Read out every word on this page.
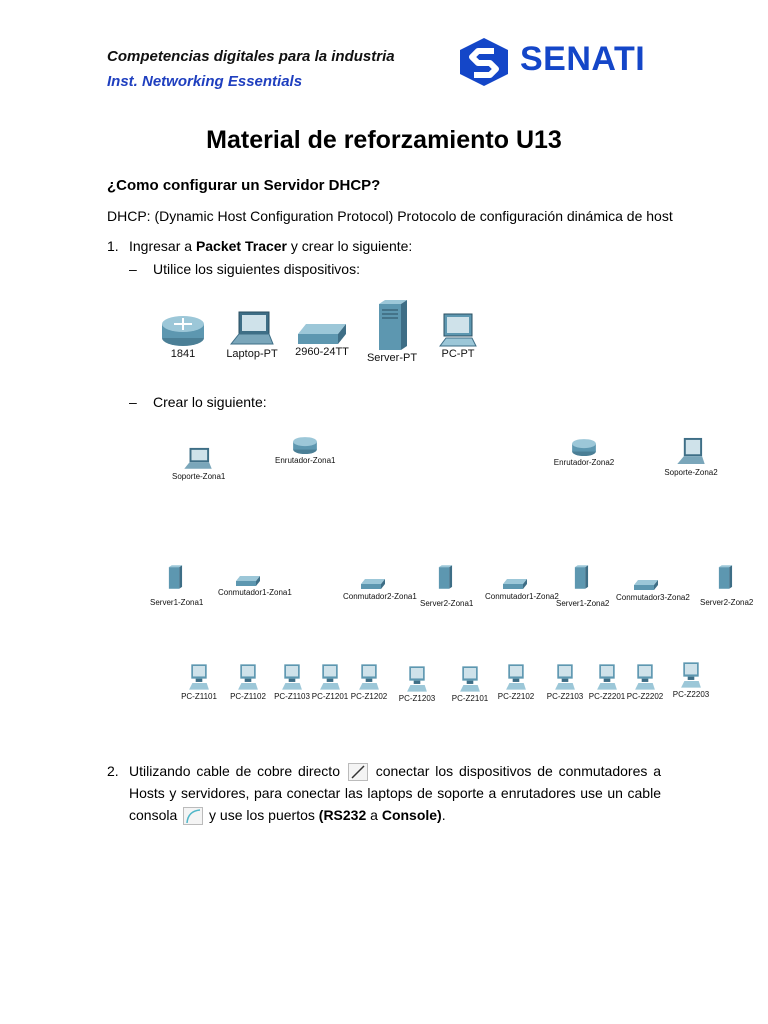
Competencias digitales para la industria
Inst. Networking Essentials
SENATI
Material de reforzamiento U13
¿Como configurar un Servidor DHCP?
DHCP: (Dynamic Host Configuration Protocol) Protocolo de configuración dinámica de host
1. Ingresar a Packet Tracer y crear lo siguiente:
– Utilice los siguientes dispositivos:
1841	Laptop-PT	2960-24TT	Server-PT	PC-PT
– Crear lo siguiente:
Soporte-Zona1
Enrutador-Zona1	Enrutador-Zona2
Soporte-Zona2
Server1-Zona1
Conmutador1-Zona1	Conmutador2-Zona1
Server2-Zona1
Conmutador1-Zona2
Server1-Zona2
Conmutador3-Zona2
Server2-Zona2
PC-Z1101 PC-Z1102 PC-Z1103 PC-Z1201 PC-Z1202 PC-Z1203 PC-Z2101 PC-Z2102 PC-Z2103 PC-Z2201 PC-Z2202 PC-Z2203
2. Utilizando cable de cobre directo	conectar los dispositivos de conmutadores a Hosts y servidores, para conectar las laptops de soporte a enrutadores use un cable consola y use los puertos (RS232 a Console).
